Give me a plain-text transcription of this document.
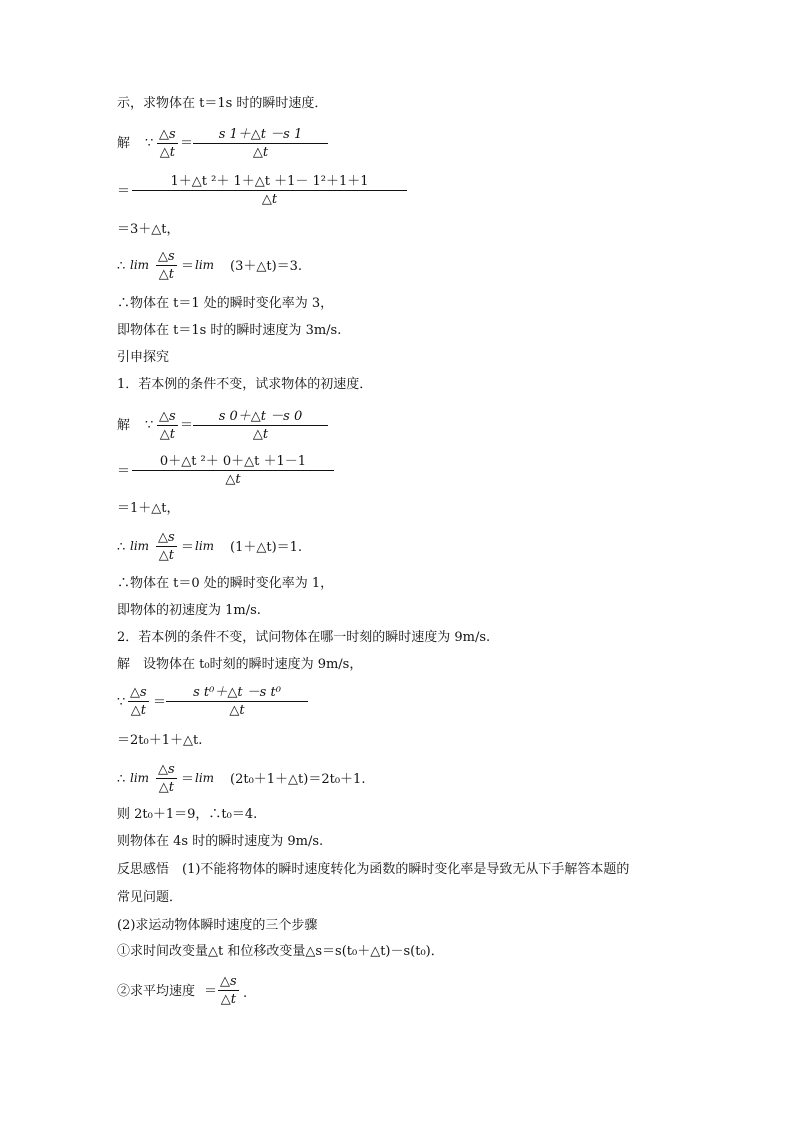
示，求物体在 t＝1s 时的瞬时速度．
解 ∵
△s
△t
＝
s 1＋△t －s 1
△t
＝
1＋△t ²＋ 1＋△t ＋1－ 1²＋1＋1
△t
＝3＋△t，
∴ lim
△s
△t
＝ lim (3＋△t)＝3.
∴物体在 t＝1 处的瞬时变化率为 3，
即物体在 t＝1s 时的瞬时速度为 3m/s.
引申探究
1．若本例的条件不变，试求物体的初速度．
解 ∵
△s
△t
＝
s 0＋△t －s 0
△t
＝
0＋△t ²＋ 0＋△t ＋1－1
△t
＝1＋△t，
∴ lim
△s
△t
＝ lim (1＋△t)＝1.
∴物体在 t＝0 处的瞬时变化率为 1，
即物体的初速度为 1m/s.
2．若本例的条件不变，试问物体在哪一时刻的瞬时速度为 9m/s.
解　设物体在 t₀时刻的瞬时速度为 9m/s，
∵
△s
△t
＝
s t⁰＋△t －s t⁰
△t
＝2t₀＋1＋△t.
∴ lim
△s
△t
＝ lim (2t₀＋1＋△t)＝2t₀＋1.
则 2t₀＋1＝9，∴t₀＝4.
则物体在 4s 时的瞬时速度为 9m/s.
反思感悟　(1)不能将物体的瞬时速度转化为函数的瞬时变化率是导致无从下手解答本题的
常见问题．
(2)求运动物体瞬时速度的三个步骤
①求时间改变量△t 和位移改变量△s＝s(t₀＋△t)－s(t₀)．
②求平均速度 ＝
△s
△t .
